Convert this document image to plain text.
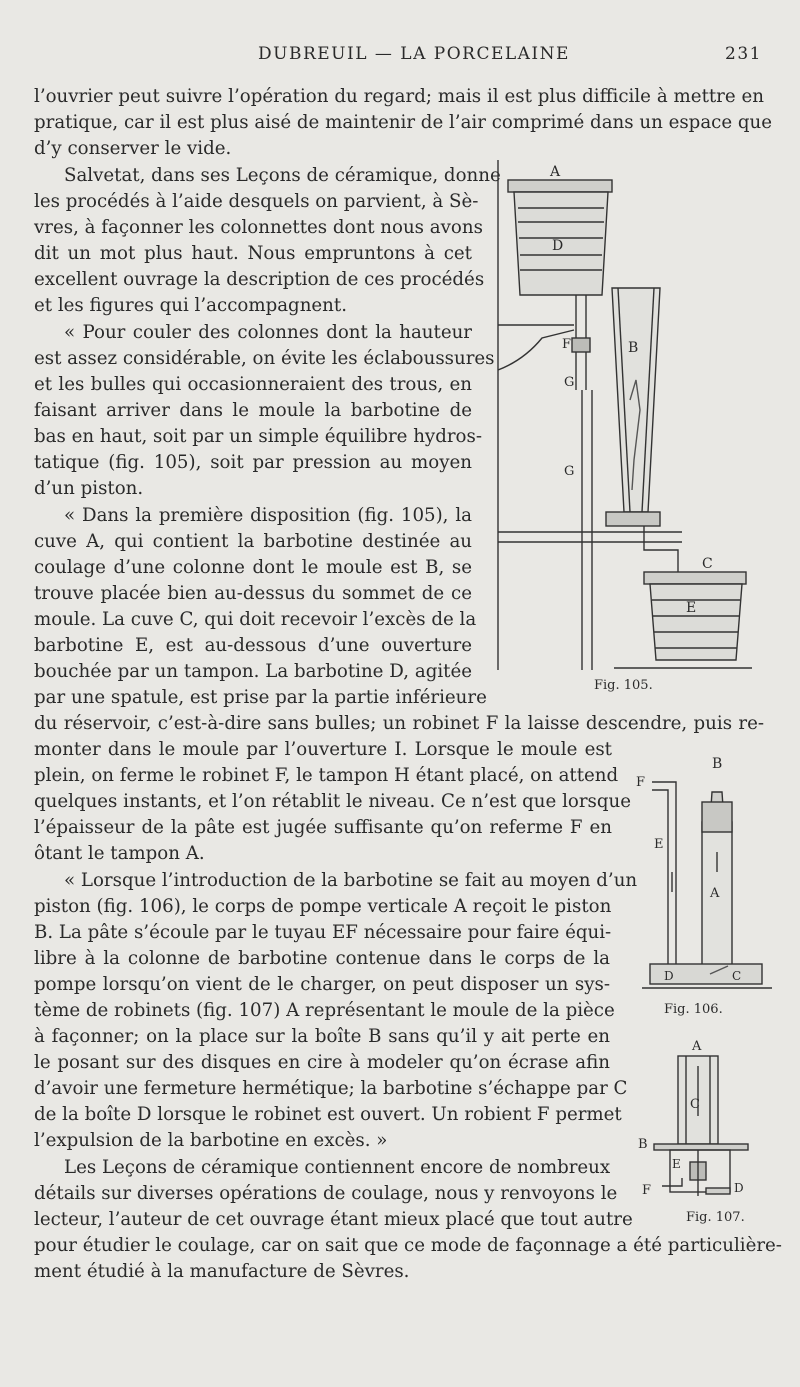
DUBREUIL — LA PORCELAINE	231

l’ouvrier peut suivre l’opération du regard; mais il est plus difficile à mettre en

pratique, car il est plus aisé de maintenir de l’air comprimé dans un espace que

d’y conserver le vide.

Salvetat, dans ses Leçons de céramique, donne

les procédés à l’aide desquels on parvient, à Sè-

vres, à façonner les colonnettes dont nous avons

dit un mot plus haut. Nous empruntons à cet

excellent ouvrage la description de ces procédés

et les figures qui l’accompagnent.

« Pour couler des colonnes dont la hauteur

est assez considérable, on évite les éclaboussures

et les bulles qui occasionneraient des trous, en

faisant arriver dans le moule la barbotine de

bas en haut, soit par un simple équilibre hydros-

tatique (fig. 105), soit par pression au moyen

d’un piston.

« Dans la première disposition (fig. 105), la

cuve A, qui contient la barbotine destinée au

coulage d’une colonne dont le moule est B, se

trouve placée bien au-dessus du sommet de ce

moule. La cuve C, qui doit recevoir l’excès de la

barbotine E, est au-dessous d’une ouverture

bouchée par un tampon. La barbotine D, agitée

par une spatule, est prise par la partie inférieure

du réservoir, c’est-à-dire sans bulles; un robinet F la laisse descendre, puis re-

monter dans le moule par l’ouverture I. Lorsque le moule est

plein, on ferme le robinet F, le tampon H étant placé, on attend

quelques instants, et l’on rétablit le niveau. Ce n’est que lorsque

l’épaisseur de la pâte est jugée suffisante qu’on referme F en

ôtant le tampon A.

« Lorsque l’introduction de la barbotine se fait au moyen d’un

piston (fig. 106), le corps de pompe verticale A reçoit le piston

B. La pâte s’écoule par le tuyau EF nécessaire pour faire équi-

libre à la colonne de barbotine contenue dans le corps de la

pompe lorsqu’on vient de le charger, on peut disposer un sys-

tème de robinets (fig. 107) A représentant le moule de la pièce

à façonner; on la place sur la boîte B sans qu’il y ait perte en

le posant sur des disques en cire à modeler qu’on écrase afin

d’avoir une fermeture hermétique; la barbotine s’échappe par C

de la boîte D lorsque le robinet est ouvert. Un robient F permet

l’expulsion de la barbotine en excès. »

Les Leçons de céramique contiennent encore de nombreux

détails sur diverses opérations de coulage, nous y renvoyons le

lecteur, l’auteur de cet ouvrage étant mieux placé que tout autre

pour étudier le coulage, car on sait que ce mode de façonnage a été particulière-

ment étudié à la manufacture de Sèvres.

A
D
F	B
G
G
C
E
Fig. 105.
B
F
E
A
D	C
Fig. 106.
A
C
B
E
F	D
Fig. 107.
